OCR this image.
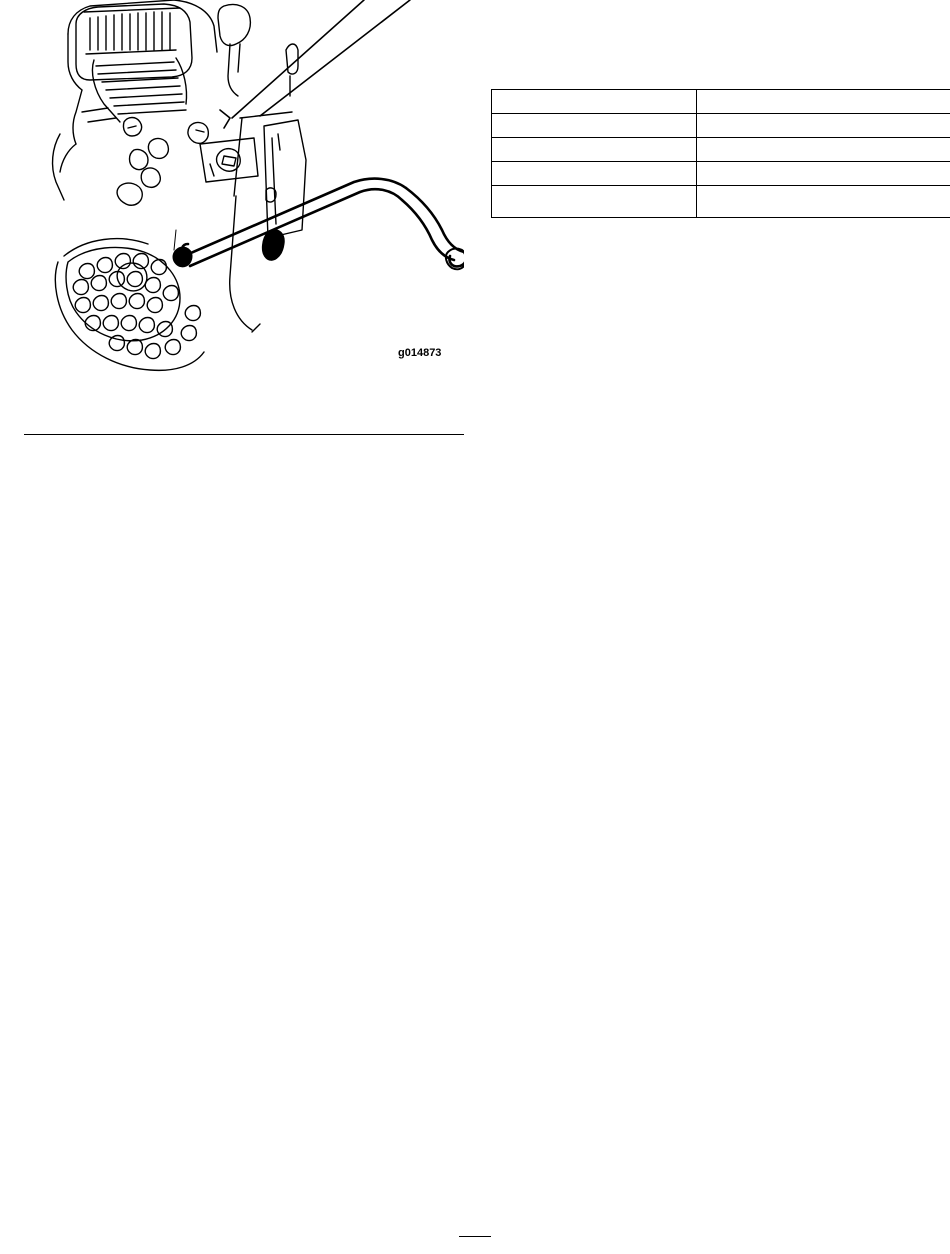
g014873
